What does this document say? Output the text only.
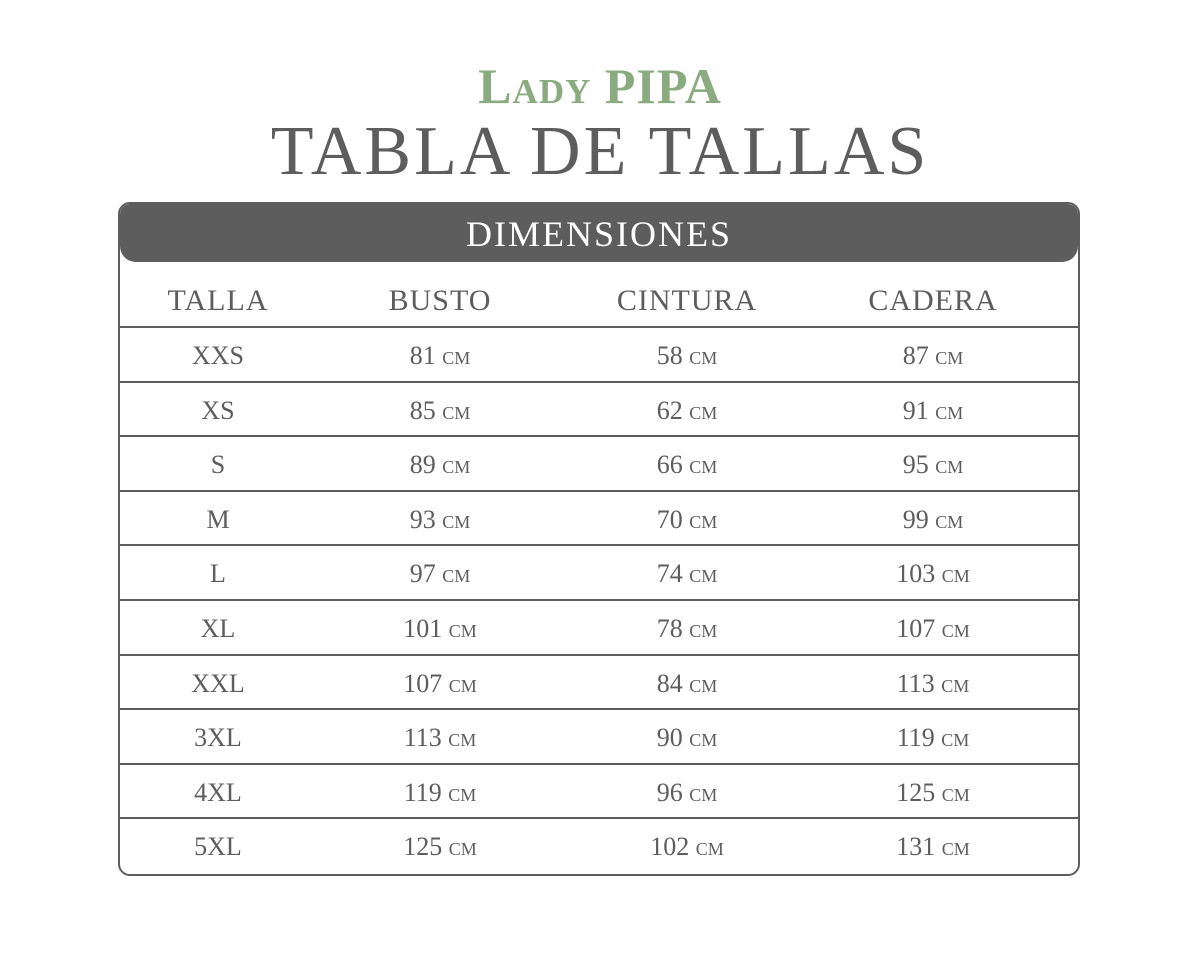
Lady PIPA
TABLA DE TALLAS
DIMENSIONES
TALLA	BUSTO	CINTURA	CADERA
XXS	81 cm	58 cm	87 cm
XS	85 cm	62 cm	91 cm
S	89 cm	66 cm	95 cm
M	93 cm	70 cm	99 cm
L	97 cm	74 cm	103 cm
XL	101 cm	78 cm	107 cm
XXL	107 cm	84 cm	113 cm
3XL	113 cm	90 cm	119 cm
4XL	119 cm	96 cm	125 cm
5XL	125 cm	102 cm	131 cm
